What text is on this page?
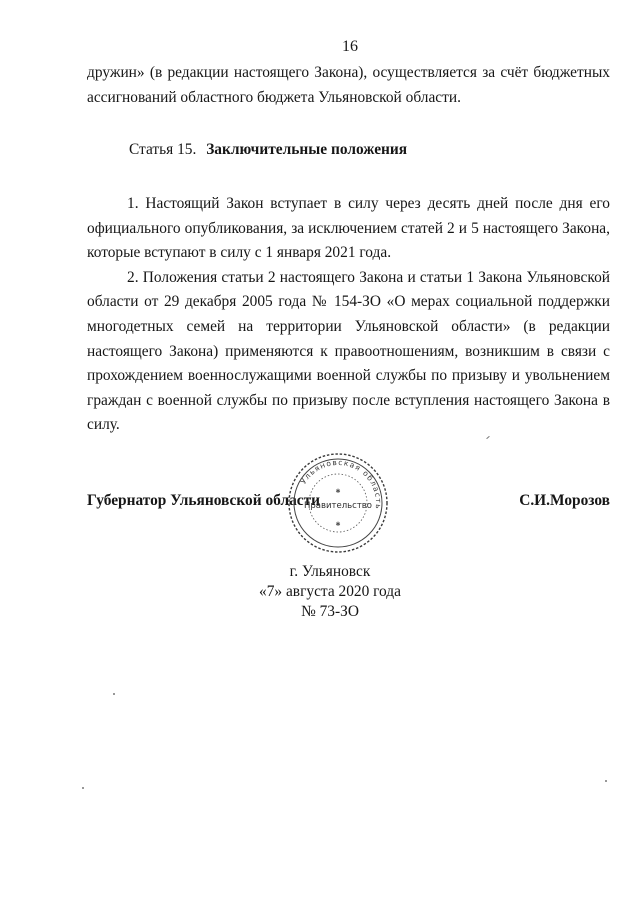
16

дружин» (в редакции настоящего Закона), осуществляется за счёт бюджетных ассигнований областного бюджета Ульяновской области.

Статья 15. Заключительные положения

1. Настоящий Закон вступает в силу через десять дней после дня его официального опубликования, за исключением статей 2 и 5 настоящего Закона, которые вступают в силу с 1 января 2021 года.

2. Положения статьи 2 настоящего Закона и статьи 1 Закона Ульяновской области от 29 декабря 2005 года № 154-ЗО «О мерах социальной поддержки многодетных семей на территории Ульяновской области» (в редакции настоящего Закона) применяются к правоотношениям, возникшим в связи с прохождением военнослужащими военной службы по призыву и увольнением граждан с военной службы по призыву после вступления настоящего Закона в силу.

Губернатор Ульяновской области
Ульяновская область
Правительство
✱
✱
С.И.Морозов
г. Ульяновск
«7» августа 2020 года
№ 73-ЗО
